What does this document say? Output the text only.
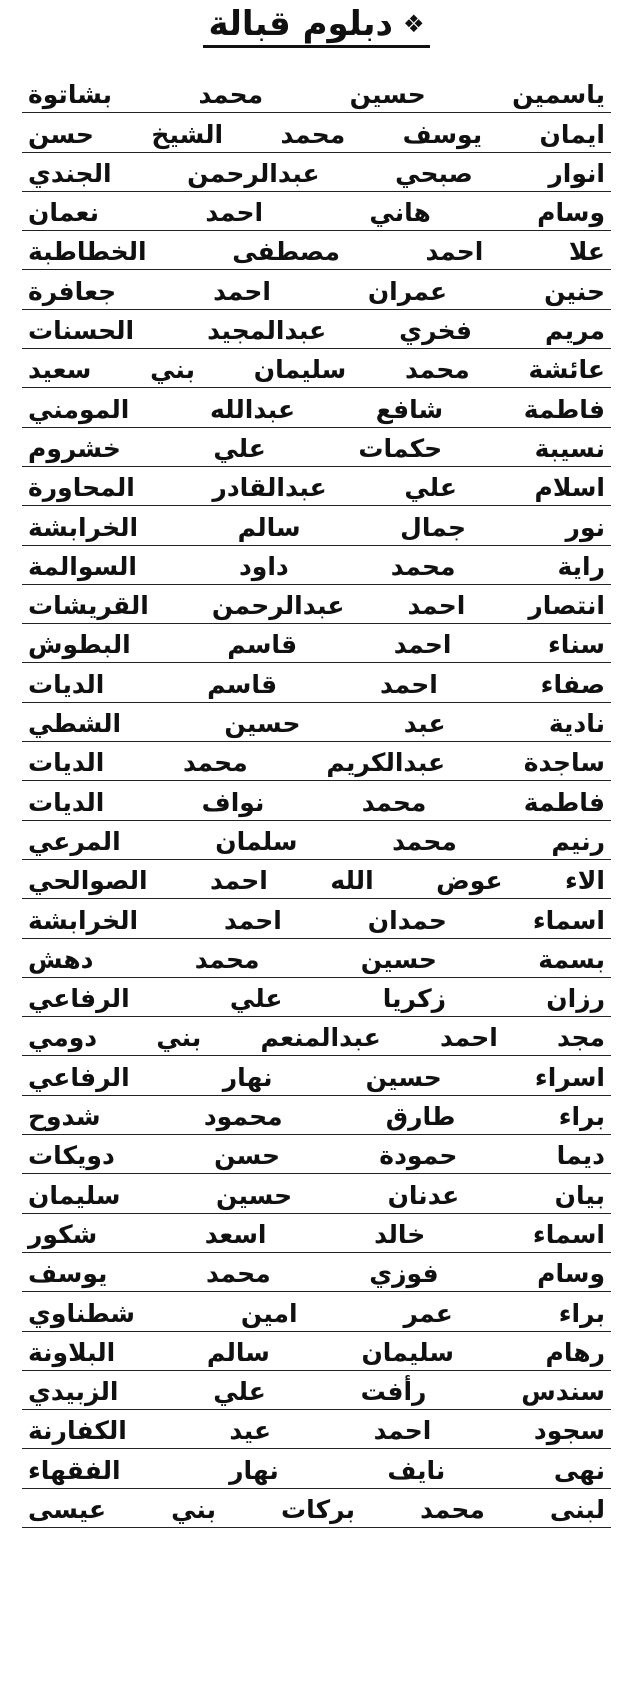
❖
دبلوم قبالة
ياسمين حسين محمد بشاتوة
ايمان يوسف محمد الشيخ حسن
انوار صبحي عبدالرحمن الجندي
وسام هاني احمد نعمان
علا احمد مصطفى الخطاطبة
حنين عمران احمد جعافرة
مريم فخري عبدالمجيد الحسنات
عائشة محمد سليمان بني سعيد
فاطمة شافع عبدالله المومني
نسيبة حكمات علي خشروم
اسلام علي عبدالقادر المحاورة
نور جمال سالم الخرابشة
راية محمد داود السوالمة
انتصار احمد عبدالرحمن القريشات
سناء احمد قاسم البطوش
صفاء احمد قاسم الديات
نادية عبد حسين الشطي
ساجدة عبدالكريم محمد الديات
فاطمة محمد نواف الديات
رنيم محمد سلمان المرعي
الاء عوض الله احمد الصوالحي
اسماء حمدان احمد الخرابشة
بسمة حسين محمد دهش
رزان زكريا علي الرفاعي
مجد احمد عبدالمنعم بني دومي
اسراء حسين نهار الرفاعي
براء طارق محمود شدوح
ديما حمودة حسن دويكات
بيان عدنان حسين سليمان
اسماء خالد اسعد شكور
وسام فوزي محمد يوسف
براء عمر امين شطناوي
رهام سليمان سالم البلاونة
سندس رأفت علي الزبيدي
سجود احمد عيد الكفارنة
نهى نايف نهار الفقهاء
لبنى محمد بركات بني عيسى
